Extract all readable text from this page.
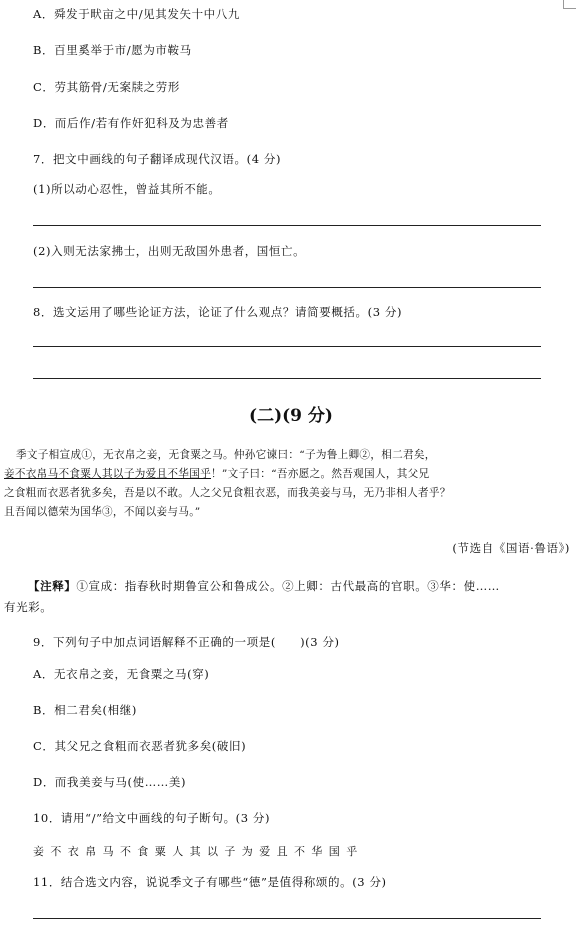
A．舜发于畎亩之中/见其发矢十中八九
B．百里奚举于市/愿为市鞍马
C．劳其筋骨/无案牍之劳形
D．而后作/若有作奸犯科及为忠善者
7．把文中画线的句子翻译成现代汉语。(4 分)
(1)所以动心忍性，曾益其所不能。
(2)入则无法家拂士，出则无敌国外患者，国恒亡。
8．选文运用了哪些论证方法，论证了什么观点？请简要概括。(3 分)
(二)(9 分)
季文子相宣成①，无衣帛之妾，无食粟之马。仲孙它谏曰：“子为鲁上卿②，相二君矣，
妾不衣帛马不食粟人其以子为爱且不华国乎！”文子曰：“吾亦愿之。然吾观国人，其父兄
之食粗而衣恶者犹多矣，吾是以不敢。人之父兄食粗衣恶，而我美妾与马，无乃非相人者乎？
且吾闻以德荣为国华③，不闻以妾与马。”
(节选自《国语·鲁语》)
【注释】①宣成：指春秋时期鲁宣公和鲁成公。②上卿：古代最高的官职。③华：使……
有光彩。
9．下列句子中加点词语解释不正确的一项是(　　)(3 分)
A．无衣帛之妾，无食粟之马(穿)
B．相二君矣(相继)
C．其父兄之食粗而衣恶者犹多矣(破旧)
D．而我美妾与马(使……美)
10．请用“/”给文中画线的句子断句。(3 分)
妾不衣帛马不食粟人其以子为爱且不华国乎
11．结合选文内容，说说季文子有哪些“德”是值得称颂的。(3 分)
